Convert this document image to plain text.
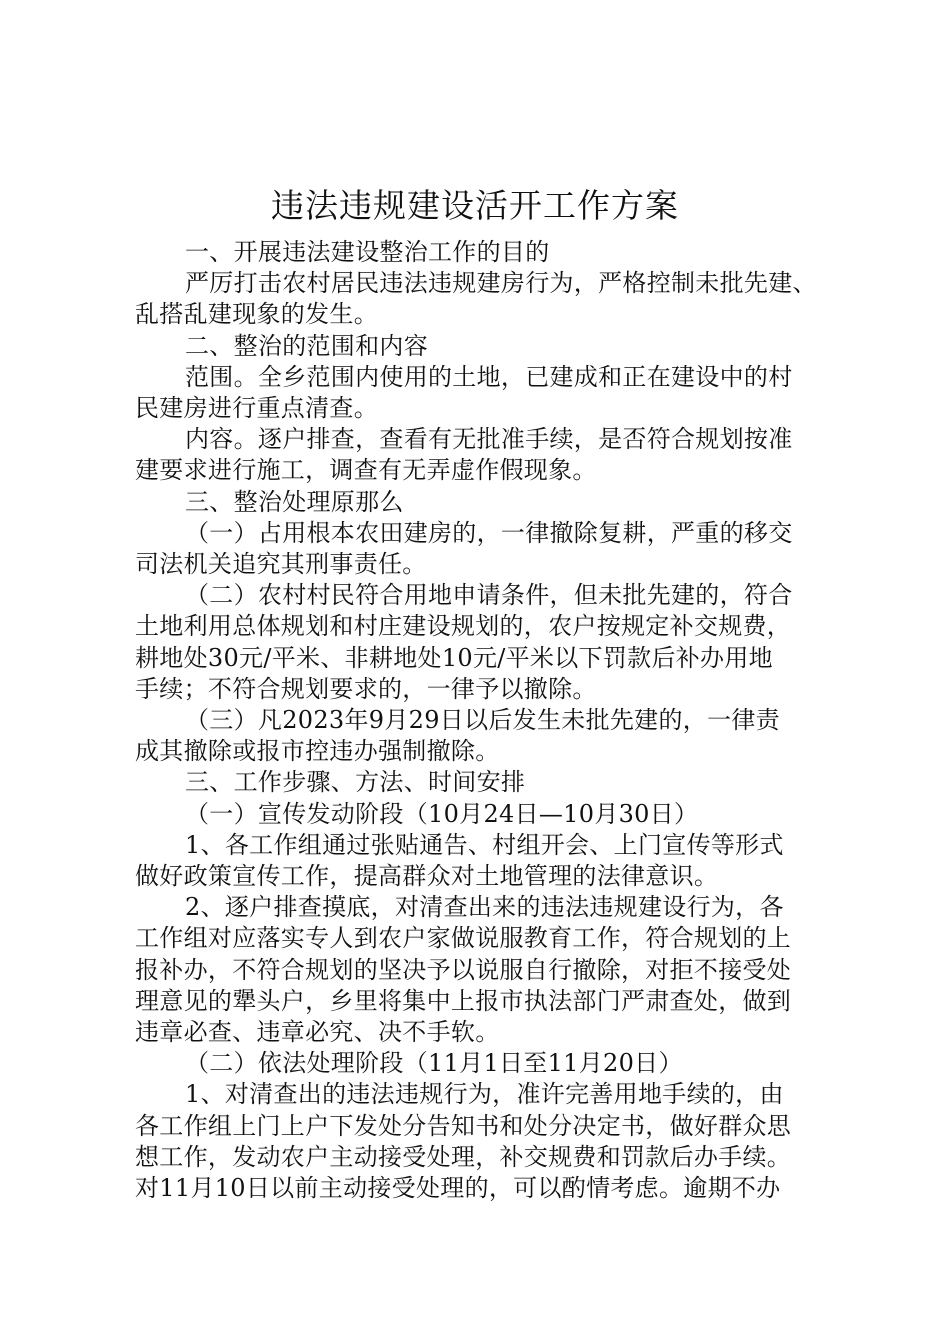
违法违规建设活开工作方案
一、开展违法建设整治工作的目的
严厉打击农村居民违法违规建房行为，严格控制未批先建、
乱搭乱建现象的发生。
二、整治的范围和内容
范围。全乡范围内使用的土地，已建成和正在建设中的村
民建房进行重点清查。
内容。逐户排查，查看有无批准手续，是否符合规划按准
建要求进行施工，调查有无弄虚作假现象。
三、整治处理原那么
（一）占用根本农田建房的，一律撤除复耕，严重的移交
司法机关追究其刑事责任。
（二）农村村民符合用地申请条件，但未批先建的，符合
土地利用总体规划和村庄建设规划的，农户按规定补交规费，
耕地处30元/平米、非耕地处10元/平米以下罚款后补办用地
手续；不符合规划要求的，一律予以撤除。
（三）凡2023年9月29日以后发生未批先建的，一律责
成其撤除或报市控违办强制撤除。
三、工作步骤、方法、时间安排
（一）宣传发动阶段（10月24日—10月30日）
1、各工作组通过张贴通告、村组开会、上门宣传等形式
做好政策宣传工作，提高群众对土地管理的法律意识。
2、逐户排查摸底，对清查出来的违法违规建设行为，各
工作组对应落实专人到农户家做说服教育工作，符合规划的上
报补办，不符合规划的坚决予以说服自行撤除，对拒不接受处
理意见的犟头户，乡里将集中上报市执法部门严肃查处，做到
违章必查、违章必究、决不手软。
（二）依法处理阶段（11月1日至11月20日）
1、对清查出的违法违规行为，准许完善用地手续的，由
各工作组上门上户下发处分告知书和处分决定书，做好群众思
想工作，发动农户主动接受处理，补交规费和罚款后办手续。
对11月10日以前主动接受处理的，可以酌情考虑。逾期不办
